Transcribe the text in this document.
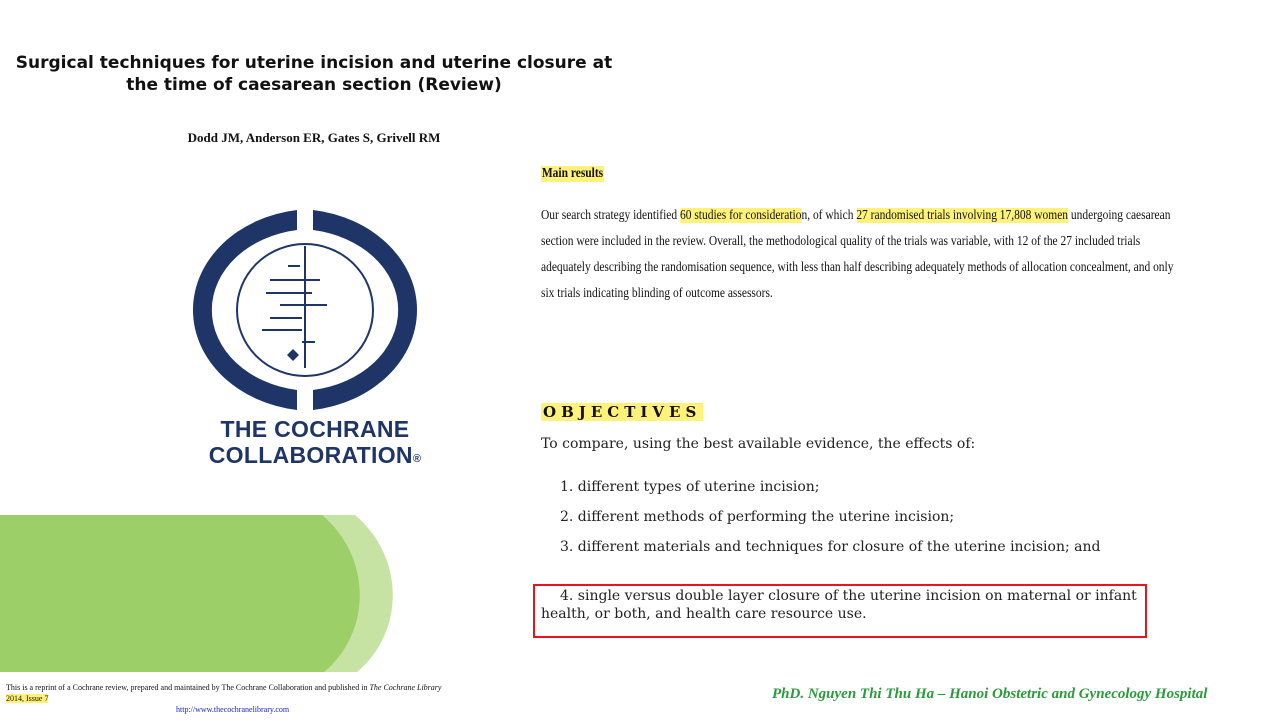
Surgical techniques for uterine incision and uterine closure at
the time of caesarean section (Review)
Dodd JM, Anderson ER, Gates S, Grivell RM
THE COCHRANE
COLLABORATION®
This is a reprint of a Cochrane review, prepared and maintained by The Cochrane Collaboration and published in The Cochrane Library
2014, Issue 7
http://www.thecochranelibrary.com
PhD. Nguyen Thi Thu Ha – Hanoi Obstetric and Gynecology Hospital
Main results
Our search strategy identified 60 studies for consideration, of which 27 randomised trials involving 17,808 women undergoing caesarean section were included in the review. Overall, the methodological quality of the trials was variable, with 12 of the 27 included trials adequately describing the randomisation sequence, with less than half describing adequately methods of allocation concealment, and only six trials indicating blinding of outcome assessors.
OBJECTIVES
To compare, using the best available evidence, the effects of:
1. different types of uterine incision;
2. different methods of performing the uterine incision;
3. different materials and techniques for closure of the uterine incision; and
4. single versus double layer closure of the uterine incision on maternal or infant health, or both, and health care resource use.
